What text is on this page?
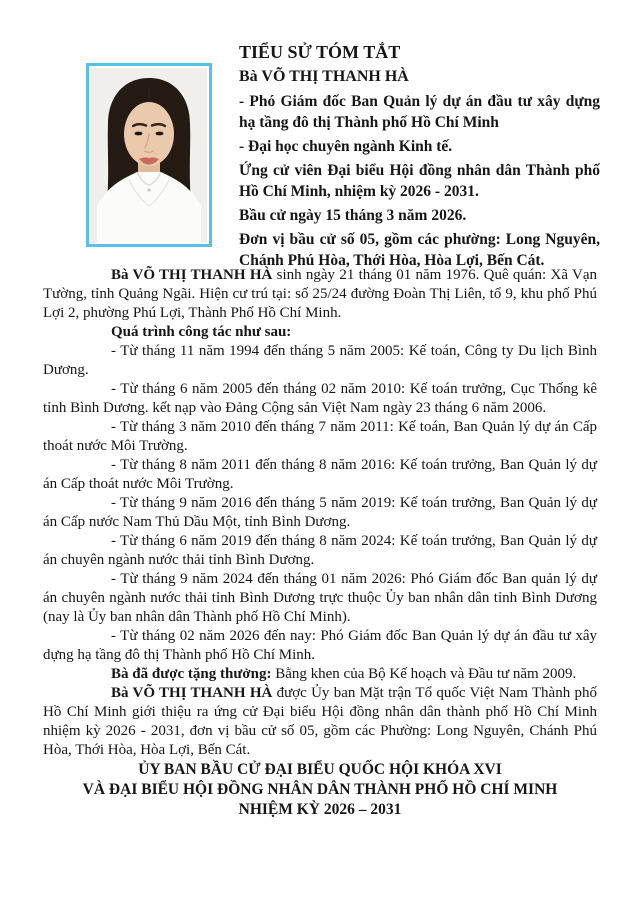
TIỂU SỬ TÓM TẮT
Bà VÕ THỊ THANH HÀ

- Phó Giám đốc Ban Quản lý dự án đầu tư xây dựng hạ tầng đô thị Thành phố Hồ Chí Minh

- Đại học chuyên ngành Kinh tế.

Ứng cử viên Đại biểu Hội đồng nhân dân Thành phố Hồ Chí Minh, nhiệm kỳ 2026 - 2031.

Bầu cử ngày 15 tháng 3 năm 2026.

Đơn vị bầu cử số 05, gồm các phường: Long Nguyên, Chánh Phú Hòa, Thới Hòa, Hòa Lợi, Bến Cát.

Bà VÕ THỊ THANH HÀ sinh ngày 21 tháng 01 năm 1976. Quê quán: Xã Vạn Tường, tỉnh Quảng Ngãi. Hiện cư trú tại: số 25/24 đường Đoàn Thị Liên, tổ 9, khu phố Phú Lợi 2, phường Phú Lợi, Thành Phố Hồ Chí Minh.

Quá trình công tác như sau:

- Từ tháng 11 năm 1994 đến tháng 5 năm 2005: Kế toán, Công ty Du lịch Bình Dương.

- Từ tháng 6 năm 2005 đến tháng 02 năm 2010: Kế toán trưởng, Cục Thống kê tỉnh Bình Dương. kết nạp vào Đảng Cộng sản Việt Nam ngày 23 tháng 6 năm 2006.

- Từ tháng 3 năm 2010 đến tháng 7 năm 2011: Kế toán, Ban Quản lý dự án Cấp thoát nước Môi Trường.

- Từ tháng 8 năm 2011 đến tháng 8 năm 2016: Kế toán trưởng, Ban Quản lý dự án Cấp thoát nước Môi Trường.

- Từ tháng 9 năm 2016 đến tháng 5 năm 2019: Kế toán trưởng, Ban Quản lý dự án Cấp nước Nam Thủ Dầu Một, tỉnh Bình Dương.

- Từ tháng 6 năm 2019 đến tháng 8 năm 2024: Kế toán trưởng, Ban Quản lý dự án chuyên ngành nước thải tỉnh Bình Dương.

- Từ tháng 9 năm 2024 đến tháng 01 năm 2026: Phó Giám đốc Ban quản lý dự án chuyên ngành nước thải tỉnh Bình Dương trực thuộc Ủy ban nhân dân tỉnh Bình Dương (nay là Ủy ban nhân dân Thành phố Hồ Chí Minh).

- Từ tháng 02 năm 2026 đến nay: Phó Giám đốc Ban Quản lý dự án đầu tư xây dựng hạ tầng đô thị Thành phố Hồ Chí Minh.

Bà đã được tặng thưởng: Bằng khen của Bộ Kế hoạch và Đầu tư năm 2009.

Bà VÕ THỊ THANH HÀ được Ủy ban Mặt trận Tổ quốc Việt Nam Thành phố Hồ Chí Minh giới thiệu ra ứng cử Đại biểu Hội đồng nhân dân thành phố Hồ Chí Minh nhiệm kỳ 2026 - 2031, đơn vị bầu cử số 05, gồm các Phường: Long Nguyên, Chánh Phú Hòa, Thới Hòa, Hòa Lợi, Bến Cát.

ỦY BAN BẦU CỬ ĐẠI BIỂU QUỐC HỘI KHÓA XVI
VÀ ĐẠI BIỂU HỘI ĐỒNG NHÂN DÂN THÀNH PHỐ HỒ CHÍ MINH
NHIỆM KỲ 2026 – 2031
